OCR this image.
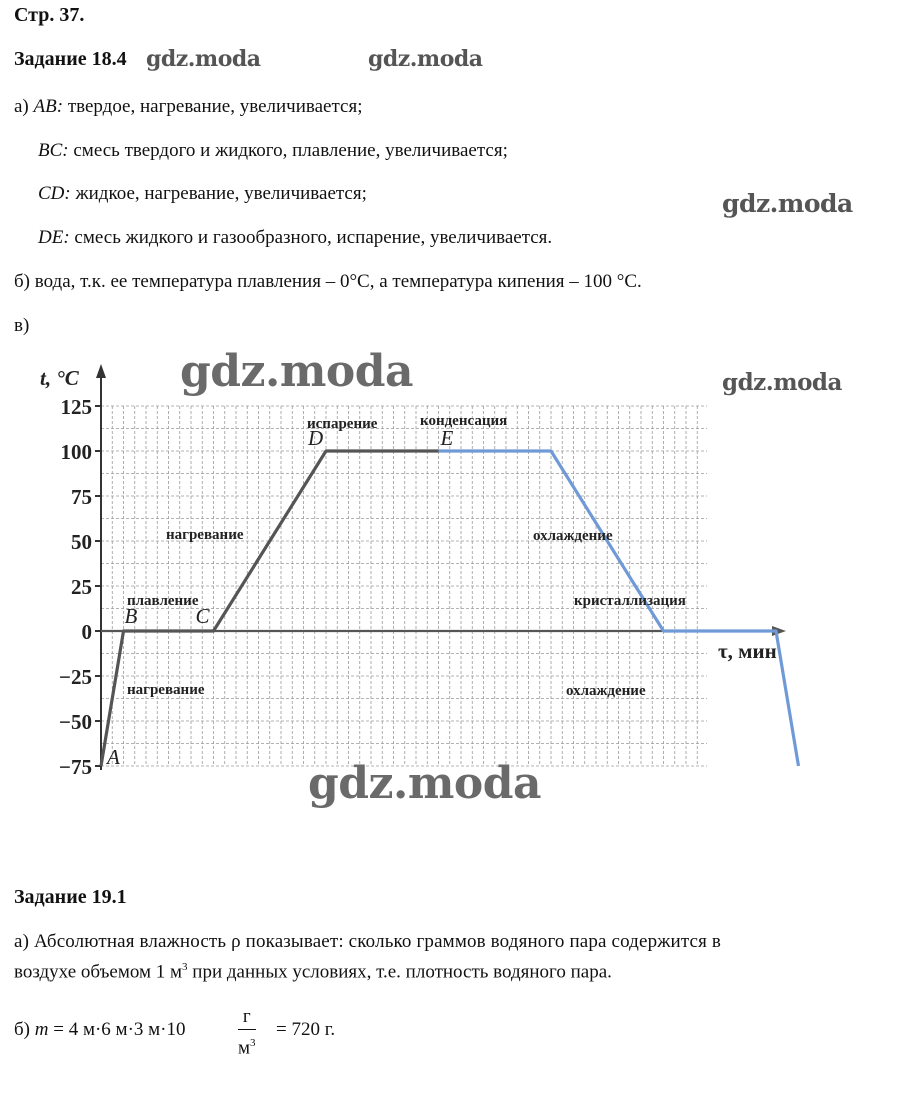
Стр. 37.
Задание 18.4 gdz.moda	gdz.moda
gdz.moda
gdz.moda
а) AB: твердое, нагревание, увеличивается;
BC: смесь твердого и жидкого, плавление, увеличивается;
CD: жидкое, нагревание, увеличивается;
DE: смесь жидкого и газообразного, испарение, увеличивается.
б) вода, т.к. ее температура плавления – 0°C, а температура кипения – 100 °C.
в)
125
100
75
50
25
0
−25
−50
−75
t, °C
τ, мин
A
B	C
D	E
испарение	конденсация
нагревание	охлаждение
плавление	кристаллизация
нагревание	охлаждение
gdz.moda
gdz.moda
Задание 19.1
а) Абсолютная влажность ρ показывает: сколько граммов водяного пара содержится в
воздухе объемом 1 $м^3$ при данных условиях, т.е. плотность водяного пара.
б) m = 4 м·6 м·3 м·10
г
$м^3$
= 720 г.
